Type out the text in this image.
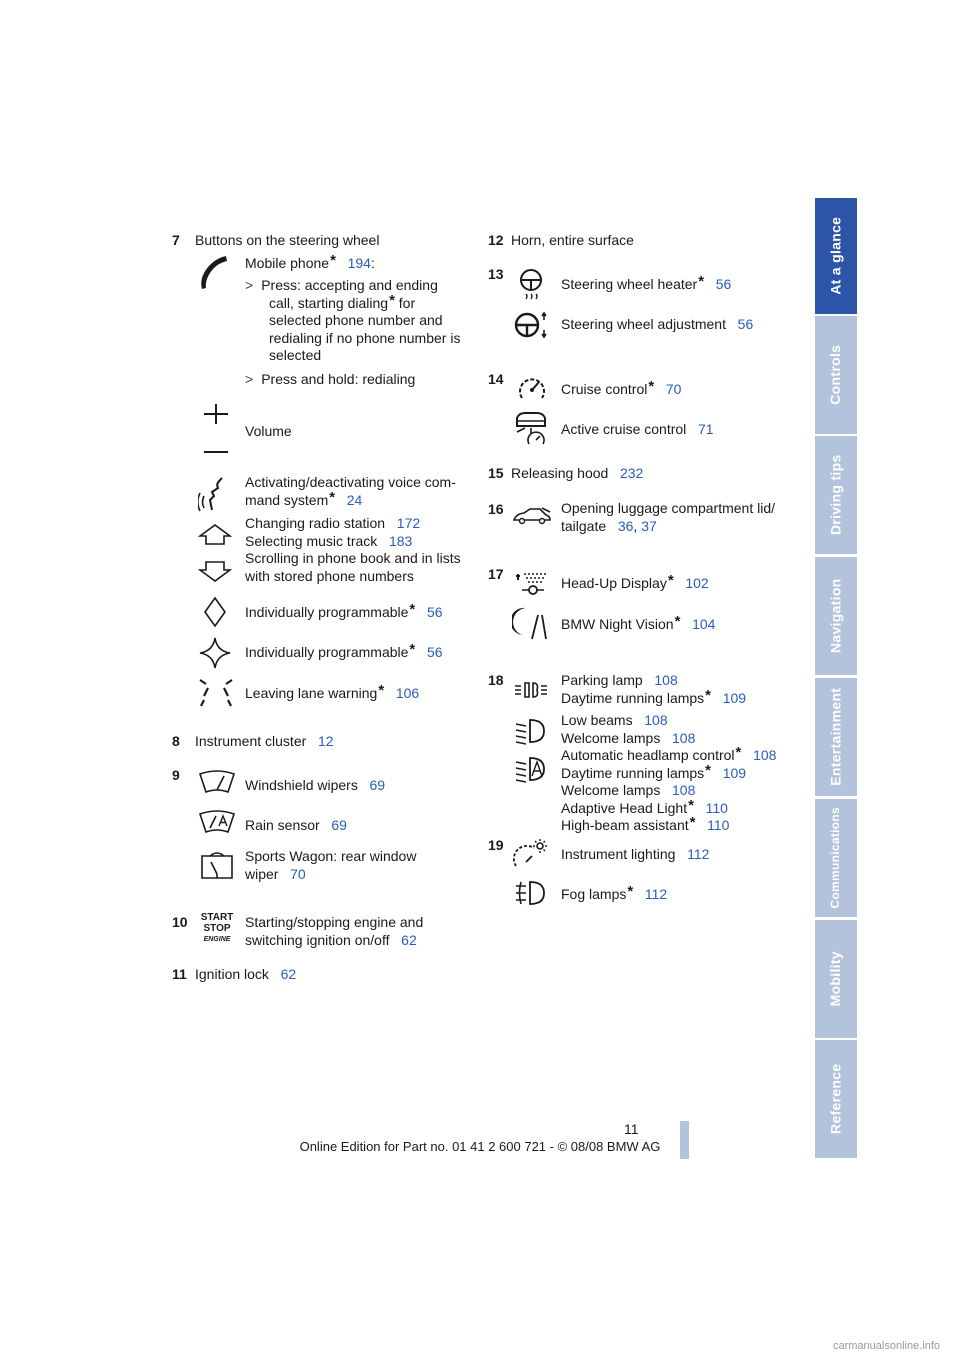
7 Buttons on the steering wheel
Mobile phone* 194:
> Press: accepting and ending
call, starting dialing* for
selected phone number and
redialing if no phone number is
selected
> Press and hold: redialing
Volume
Activating/deactivating voice com-
mand system* 24
Changing radio station 172
Selecting music track 183
Scrolling in phone book and in lists
with stored phone numbers
Individually programmable* 56
Individually programmable* 56
Leaving lane warning* 106
8 Instrument cluster 12
9
Windshield wipers 69
Rain sensor 69
Sports Wagon: rear window
wiper 70
10 START
STOP
ENGINE
Starting/stopping engine and
switching ignition on/off 62
11 Ignition lock 62
12 Horn, entire surface
13
Steering wheel heater* 56
Steering wheel adjustment 56
14
Cruise control* 70
Active cruise control 71
15 Releasing hood 232
16	Opening luggage compartment lid/
tailgate 36, 37
17
Head-Up Display* 102
BMW Night Vision* 104
18	Parking lamp 108
Daytime running lamps* 109
Low beams 108
Welcome lamps 108
Automatic headlamp control* 108
Daytime running lamps* 109
Welcome lamps 108
Adaptive Head Light* 110
High-beam assistant* 110
19
Instrument lighting 112
Fog lamps* 112
At a glance
Controls
Driving tips
Navigation
Entertainment
Communications
Mobility
Reference
11
Online Edition for Part no. 01 41 2 600 721 - © 08/08 BMW AG
carmanualsonline.info
